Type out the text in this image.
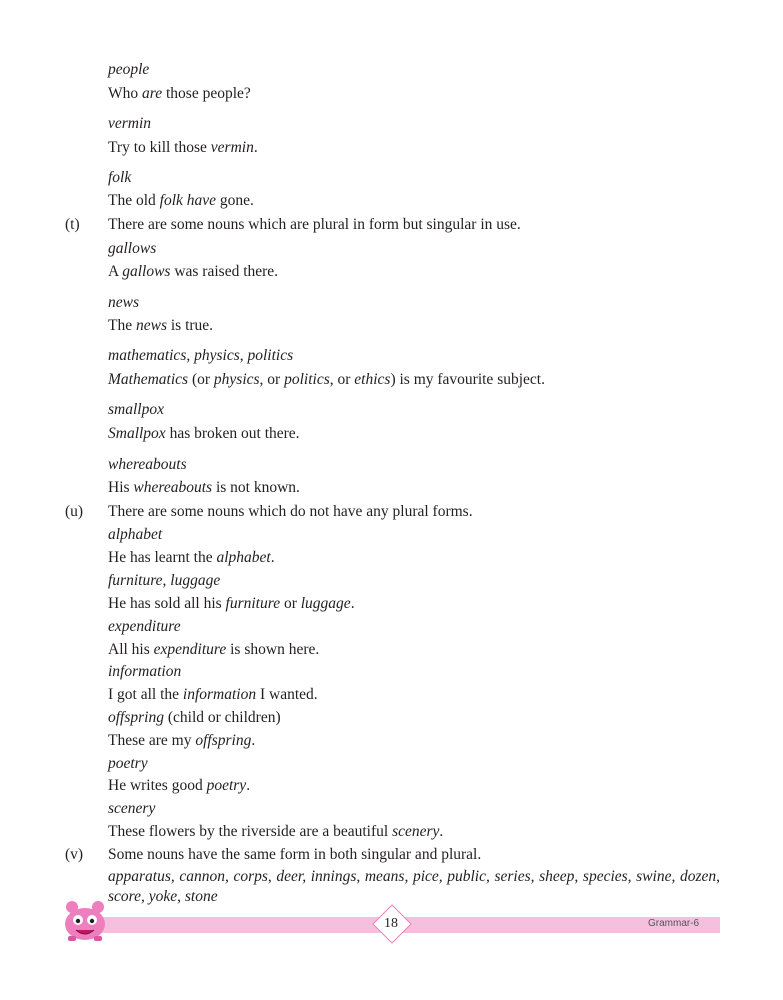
people
Who are those people?
vermin
Try to kill those vermin.
folk
The old folk have gone.
(t) There are some nouns which are plural in form but singular in use.
gallows
A gallows was raised there.
news
The news is true.
mathematics, physics, politics
Mathematics (or physics, or politics, or ethics) is my favourite subject.
smallpox
Smallpox has broken out there.
whereabouts
His whereabouts is not known.
(u) There are some nouns which do not have any plural forms.
alphabet
He has learnt the alphabet.
furniture, luggage
He has sold all his furniture or luggage.
expenditure
All his expenditure is shown here.
information
I got all the information I wanted.
offspring (child or children)
These are my offspring.
poetry
He writes good poetry.
scenery
These flowers by the riverside are a beautiful scenery.
(v) Some nouns have the same form in both singular and plural.
apparatus, cannon, corps, deer, innings, means, pice, public, series, sheep, species, swine, dozen, score, yoke, stone
18	Grammar-6
